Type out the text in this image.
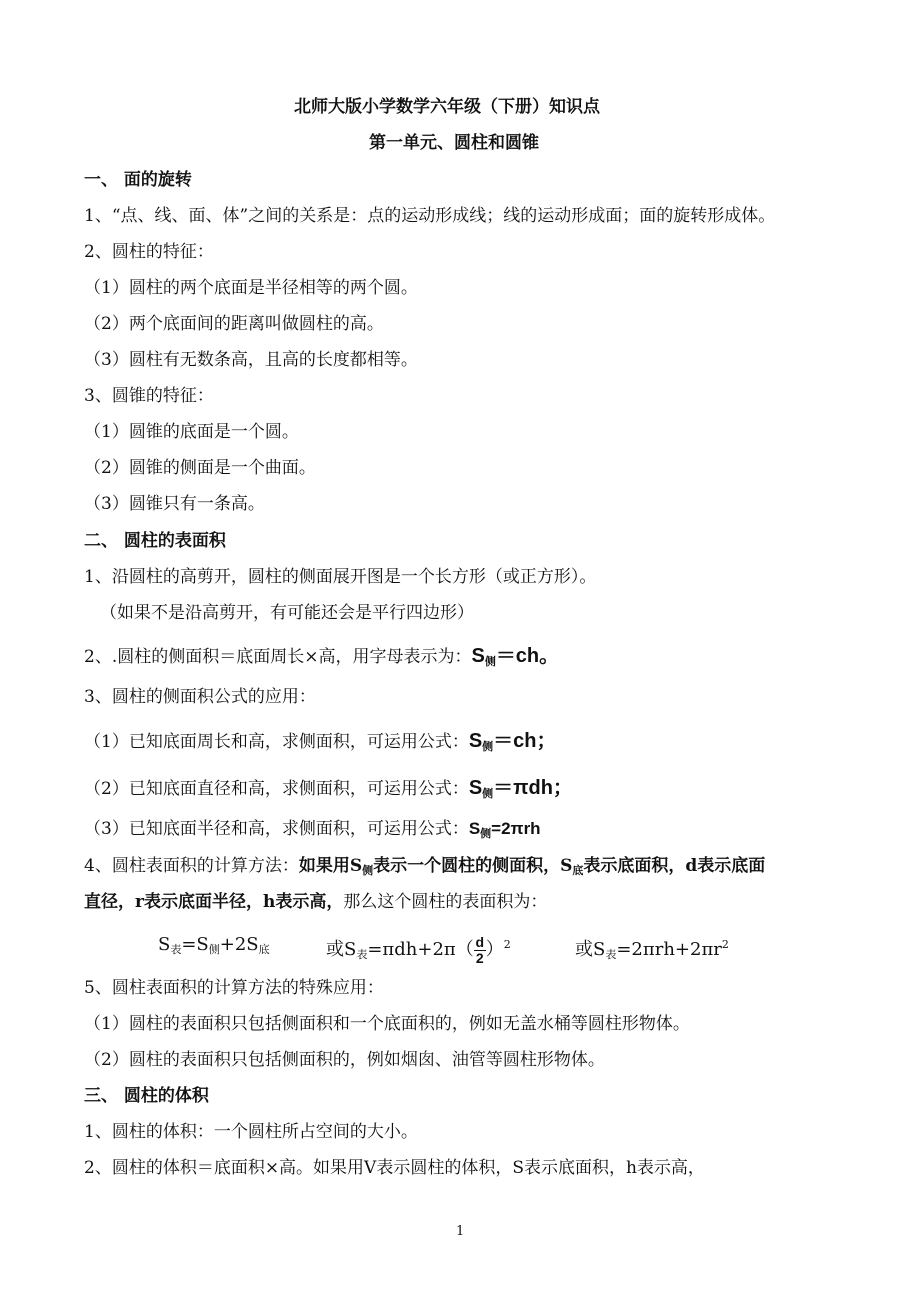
北师大版小学数学六年级（下册）知识点
第一单元、圆柱和圆锥
一、 面的旋转
1、“点、线、面、体”之间的关系是：点的运动形成线；线的运动形成面；面的旋转形成体。
2、圆柱的特征：
（1）圆柱的两个底面是半径相等的两个圆。
（2）两个底面间的距离叫做圆柱的高。
（3）圆柱有无数条高，且高的长度都相等。
3、圆锥的特征：
（1）圆锥的底面是一个圆。
（2）圆锥的侧面是一个曲面。
（3）圆锥只有一条高。
二、 圆柱的表面积
1、沿圆柱的高剪开，圆柱的侧面展开图是一个长方形（或正方形）。
（如果不是沿高剪开，有可能还会是平行四边形）
2、.圆柱的侧面积＝底面周长×高，用字母表示为：$S_侧=ch$。
3、圆柱的侧面积公式的应用：
（1）已知底面周长和高，求侧面积，可运用公式：$S_侧=ch$；
（2）已知底面直径和高，求侧面积，可运用公式：$S_侧=\pi dh$；
（3）已知底面半径和高，求侧面积，可运用公式：$S_侧=2\pi rh$
4、圆柱表面积的计算方法：如果用$S_侧$表示一个圆柱的侧面积，$S_底$表示底面积，d表示底面
直径，r表示底面半径，h表示高，那么这个圆柱的表面积为：
$S_表=S_侧+2S_底$	或$S_表=\pi dh+2\pi( \frac{d}{2} )^2$	或$S_表=2\pi rh+2\pi r^2$
5、圆柱表面积的计算方法的特殊应用：
（1）圆柱的表面积只包括侧面积和一个底面积的，例如无盖水桶等圆柱形物体。
（2）圆柱的表面积只包括侧面积的，例如烟囱、油管等圆柱形物体。
三、 圆柱的体积
1、圆柱的体积：一个圆柱所占空间的大小。
2、圆柱的体积＝底面积×高。如果用V表示圆柱的体积，S表示底面积，h表示高，
1
